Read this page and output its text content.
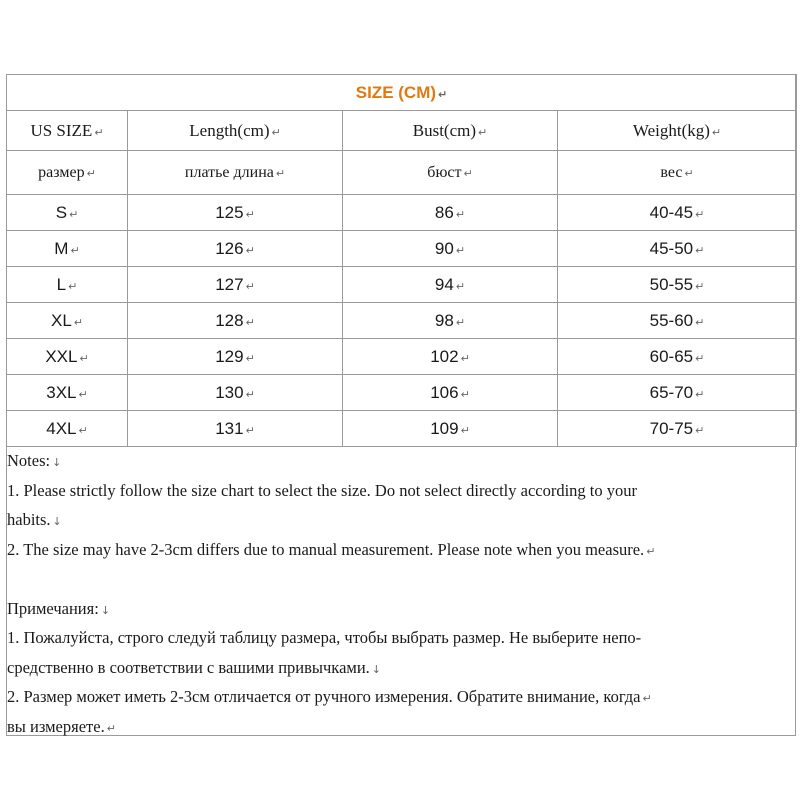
SIZE (CM) ↵			
US SIZE ↵	Length(cm) ↵	Bust(cm) ↵	Weight(kg) ↵
размер ↵	платье длина ↵	бюст ↵	вес ↵
S ↵	125 ↵	86 ↵	40-45 ↵
M ↵	126 ↵	90 ↵	45-50 ↵
L ↵	127 ↵	94 ↵	50-55 ↵
XL ↵	128 ↵	98 ↵	55-60 ↵
XXL ↵	129 ↵	102 ↵	60-65 ↵
3XL ↵	130 ↵	106 ↵	65-70 ↵
4XL ↵	131 ↵	109 ↵	70-75 ↵
Notes: ↓
1. Please strictly follow the size chart to select the size. Do not select directly according to your
habits. ↓
2. The size may have 2-3cm differs due to manual measurement. Please note when you measure. ↵
Примечания: ↓
1. Пожалуйста, строго следуй таблицу размера, чтобы выбрать размер. Не выберите непо-
средственно в соответствии с вашими привычками. ↓
2. Размер может иметь 2-3см отличается от ручного измерения. Обратите внимание, когда ↵
вы измеряете. ↵
